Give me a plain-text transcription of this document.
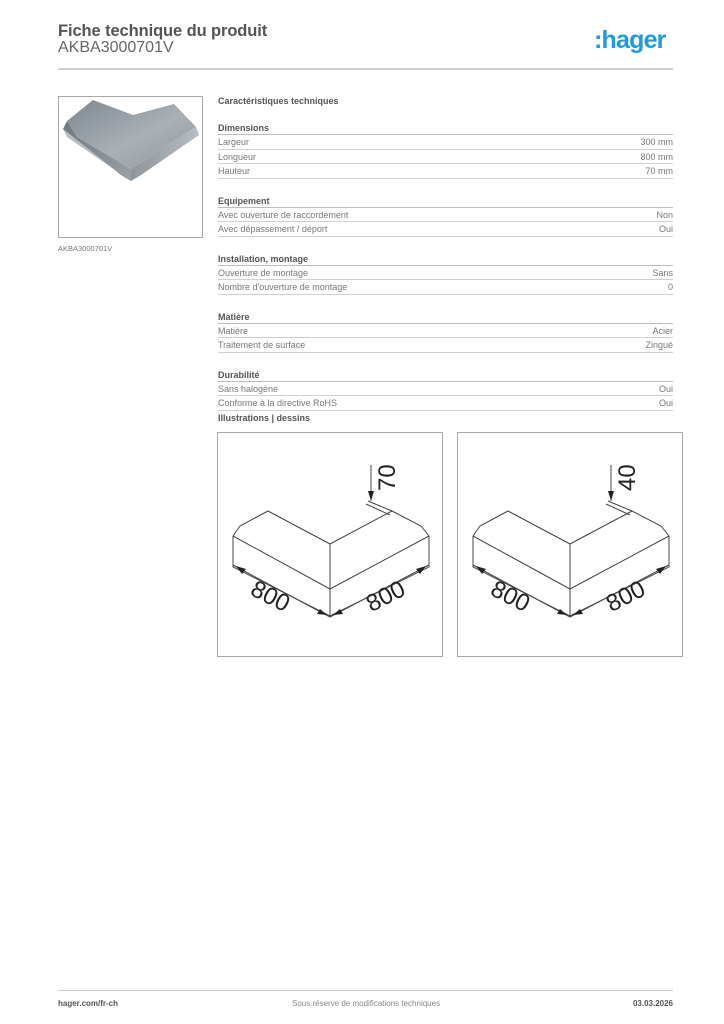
Fiche technique du produit
AKBA3000701V	:hager
AKBA3000701V
Caractéristiques techniques
Dimensions
Largeur	300 mm
Longueur	800 mm
Hauteur	70 mm
Equipement
Avec ouverture de raccordement	Non
Avec dépassement / déport	Oui
Installation, montage
Ouverture de montage	Sans
Nombre d'ouverture de montage	0
Matière
Matière	Acier
Traitement de surface	Zingué
Durabilité
Sans halogène	Oui
Conforme à la directive RoHS	Oui
Illustrations | dessins
70
800	800
40
800	800
hager.com/fr-ch	Sous réserve de modifications techniques	03.03.2026
